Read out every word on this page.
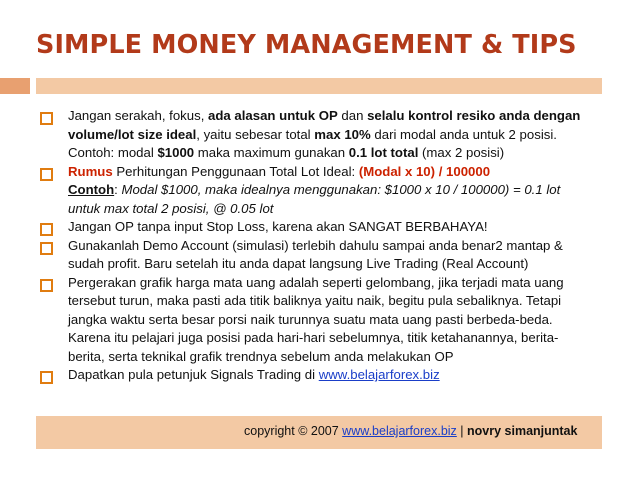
SIMPLE MONEY MANAGEMENT & TIPS
Jangan serakah, fokus, ada alasan untuk OP dan selalu kontrol resiko anda dengan
volume/lot size ideal, yaitu sebesar total max 10% dari modal anda untuk 2 posisi.
Contoh: modal $1000 maka maximum gunakan 0.1 lot total (max 2 posisi)
Rumus Perhitungan Penggunaan Total Lot Ideal: (Modal x 10) / 100000
Contoh: Modal $1000, maka idealnya menggunakan: $1000 x 10 / 100000) = 0.1 lot
untuk max total 2 posisi, @ 0.05 lot
Jangan OP tanpa input Stop Loss, karena akan SANGAT BERBAHAYA!
Gunakanlah Demo Account (simulasi) terlebih dahulu sampai anda benar2 mantap &
sudah profit. Baru setelah itu anda dapat langsung Live Trading (Real Account)
Pergerakan grafik harga mata uang adalah seperti gelombang, jika terjadi mata uang
tersebut turun, maka pasti ada titik baliknya yaitu naik, begitu pula sebaliknya. Tetapi
jangka waktu serta besar porsi naik turunnya suatu mata uang pasti berbeda-beda.
Karena itu pelajari juga posisi pada hari-hari sebelumnya, titik ketahanannya, berita-
berita, serta teknikal grafik trendnya sebelum anda melakukan OP
Dapatkan pula petunjuk Signals Trading di www.belajarforex.biz
copyright © 2007 www.belajarforex.biz | novry simanjuntak
